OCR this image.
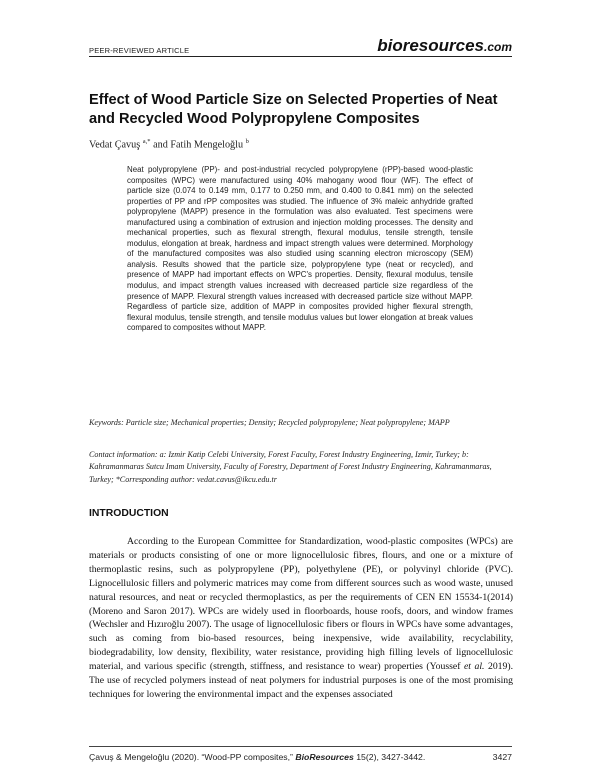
PEER-REVIEWED ARTICLE	bioresources.com
Effect of Wood Particle Size on Selected Properties of Neat and Recycled Wood Polypropylene Composites
Vedat Çavuş $^{a,*}$ and Fatih Mengeloğlu $^b$
Neat polypropylene (PP)- and post-industrial recycled polypropylene (rPP)-based wood-plastic composites (WPC) were manufactured using 40% mahogany wood flour (WF). The effect of particle size (0.074 to 0.149 mm, 0.177 to 0.250 mm, and 0.400 to 0.841 mm) on the selected properties of PP and rPP composites was studied. The influence of 3% maleic anhydride grafted polypropylene (MAPP) presence in the formulation was also evaluated. Test specimens were manufactured using a combination of extrusion and injection molding processes. The density and mechanical properties, such as flexural strength, flexural modulus, tensile strength, tensile modulus, elongation at break, hardness and impact strength values were determined. Morphology of the manufactured composites was also studied using scanning electron microscopy (SEM) analysis. Results showed that the particle size, polypropylene type (neat or recycled), and presence of MAPP had important effects on WPC's properties. Density, flexural modulus, tensile modulus, and impact strength values increased with decreased particle size regardless of the presence of MAPP. Flexural strength values increased with decreased particle size without MAPP. Regardless of particle size, addition of MAPP in composites provided higher flexural strength, flexural modulus, tensile strength, and tensile modulus values but lower elongation at break values compared to composites without MAPP.
Keywords: Particle size; Mechanical properties; Density; Recycled polypropylene; Neat polypropylene; MAPP
Contact information: a: Izmir Katip Celebi University, Forest Faculty, Forest Industry Engineering, Izmir, Turkey; b: Kahramanmaras Sutcu Imam University, Faculty of Forestry, Department of Forest Industry Engineering, Kahramanmaras, Turkey; *Corresponding author: vedat.cavus@ikcu.edu.tr
INTRODUCTION

According to the European Committee for Standardization, wood-plastic composites (WPCs) are materials or products consisting of one or more lignocellulosic fibres, flours, and one or a mixture of thermoplastic resins, such as polypropylene (PP), polyethylene (PE), or polyvinyl chloride (PVC). Lignocellulosic fillers and polymeric matrices may come from different sources such as wood waste, unused natural resources, and neat or recycled thermoplastics, as per the requirements of CEN EN 15534-1(2014) (Moreno and Saron 2017). WPCs are widely used in floorboards, house roofs, doors, and window frames (Wechsler and Hızıroğlu 2007). The usage of lignocellulosic fibers or flours in WPCs have some advantages, such as coming from bio-based resources, being inexpensive, wide availability, recyclability, biodegradability, low density, flexibility, water resistance, providing high filling levels of lignocellulosic material, and various specific (strength, stiffness, and resistance to wear) properties (Youssef et al. 2019). The use of recycled polymers instead of neat polymers for industrial purposes is one of the most promising techniques for lowering the environmental impact and the expenses associated

Çavuş & Mengeloğlu (2020). “Wood-PP composites,” BioResources 15(2), 3427-3442.	3427
